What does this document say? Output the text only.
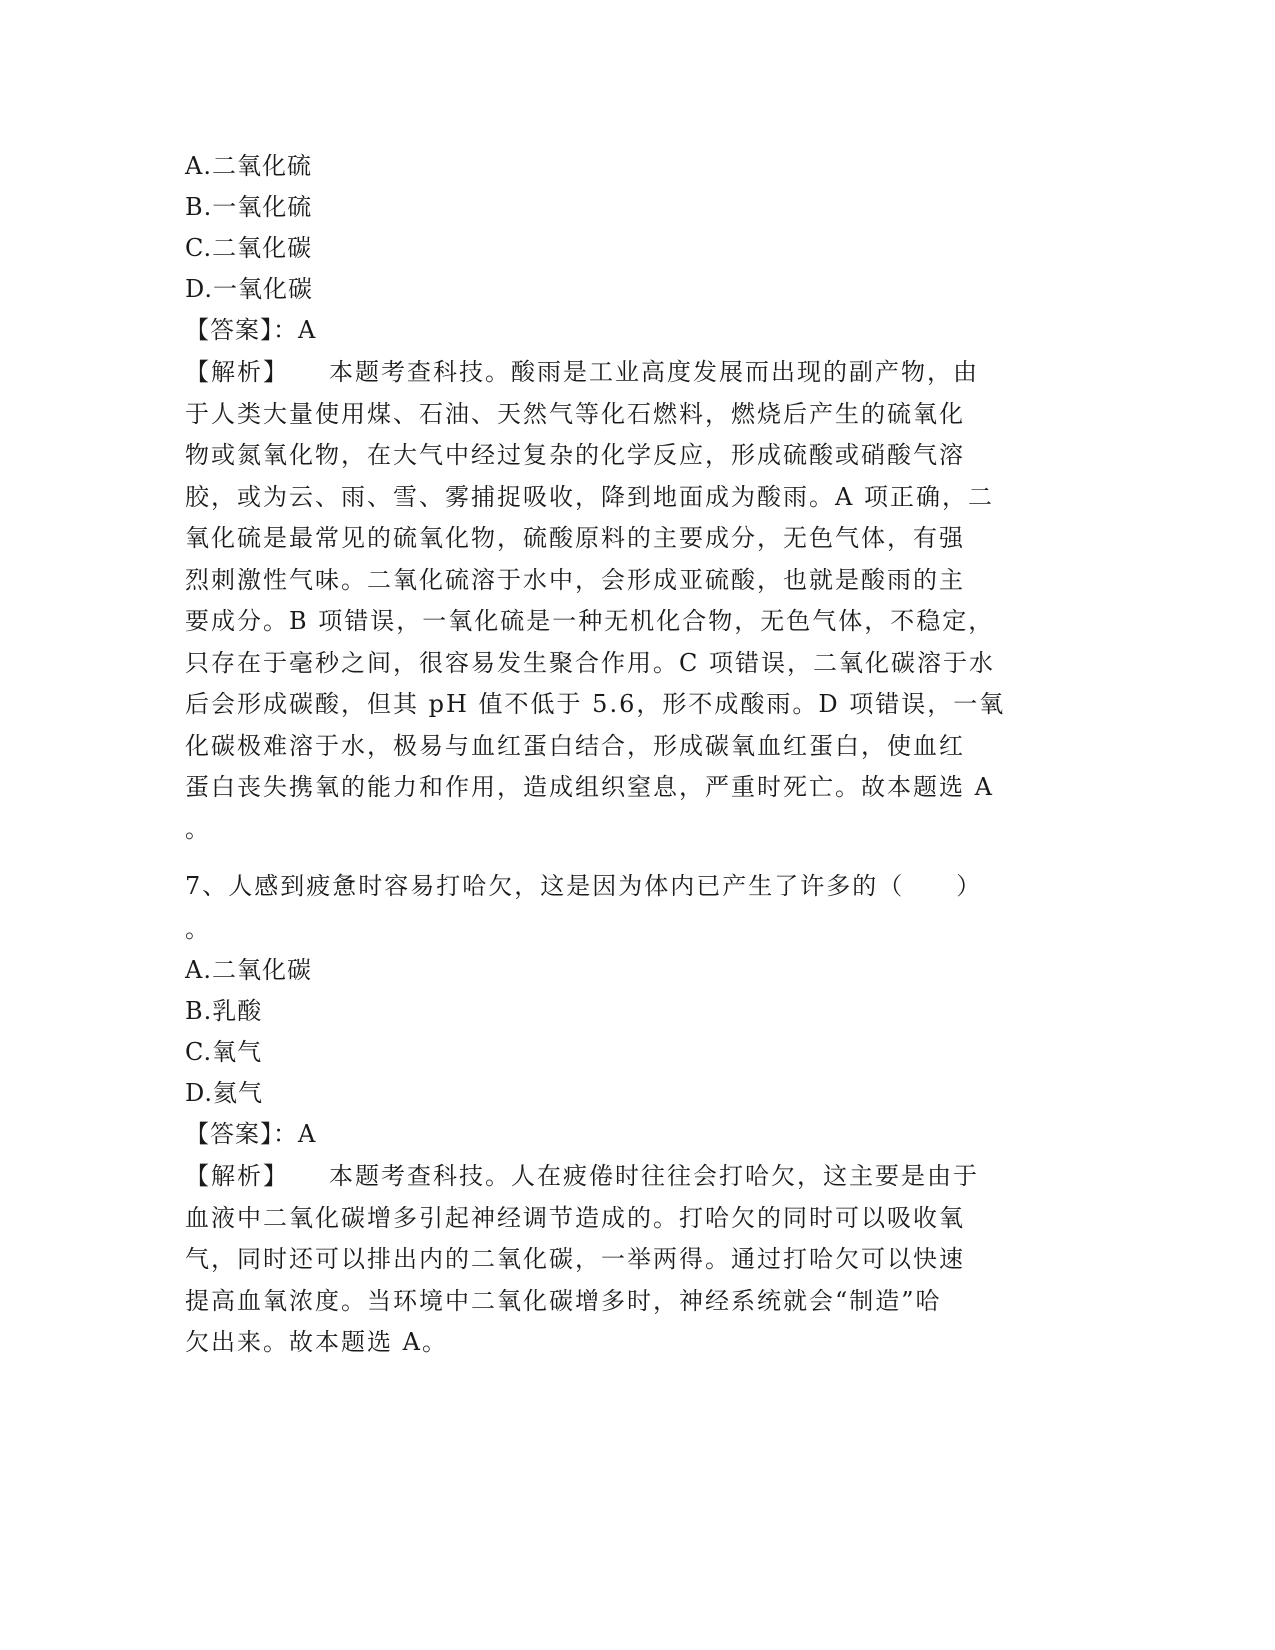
A.二氧化硫
B.一氧化硫
C.二氧化碳
D.一氧化碳
【答案】：A
【解析】 本题考查科技。酸雨是工业高度发展而出现的副产物，由
于人类大量使用煤、石油、天然气等化石燃料，燃烧后产生的硫氧化
物或氮氧化物，在大气中经过复杂的化学反应，形成硫酸或硝酸气溶
胶，或为云、雨、雪、雾捕捉吸收，降到地面成为酸雨。A 项正确，二
氧化硫是最常见的硫氧化物，硫酸原料的主要成分，无色气体，有强
烈刺激性气味。二氧化硫溶于水中，会形成亚硫酸，也就是酸雨的主
要成分。B 项错误，一氧化硫是一种无机化合物，无色气体，不稳定，
只存在于毫秒之间，很容易发生聚合作用。C 项错误，二氧化碳溶于水
后会形成碳酸，但其 pH 值不低于 5.6，形不成酸雨。D 项错误，一氧
化碳极难溶于水，极易与血红蛋白结合，形成碳氧血红蛋白，使血红
蛋白丧失携氧的能力和作用，造成组织窒息，严重时死亡。故本题选 A
。
7、人感到疲惫时容易打哈欠，这是因为体内已产生了许多的（　　）
。
A.二氧化碳
B.乳酸
C.氧气
D.氦气
【答案】：A
【解析】 本题考查科技。人在疲倦时往往会打哈欠，这主要是由于
血液中二氧化碳增多引起神经调节造成的。打哈欠的同时可以吸收氧
气，同时还可以排出内的二氧化碳，一举两得。通过打哈欠可以快速
提高血氧浓度。当环境中二氧化碳增多时，神经系统就会“制造”哈
欠出来。故本题选 A。
